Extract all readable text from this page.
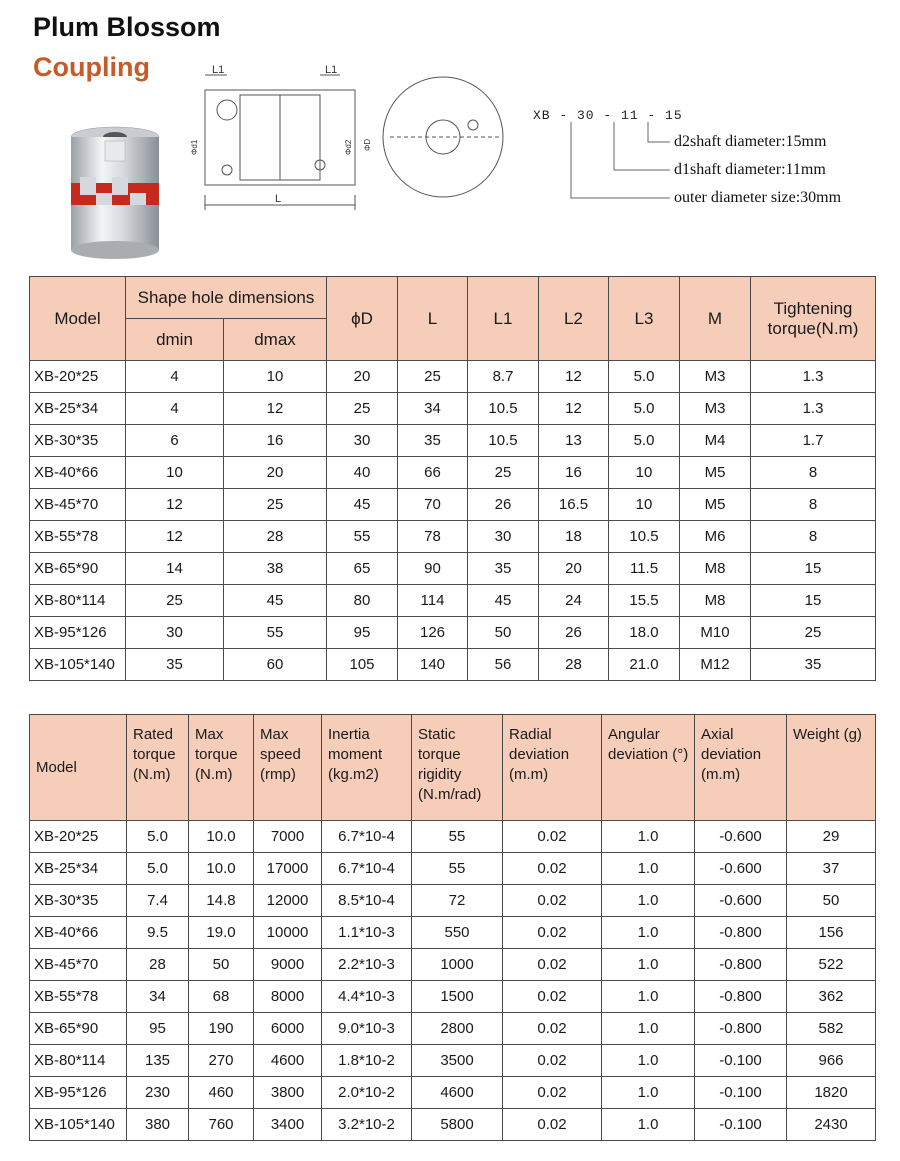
Plum Blossom
Coupling	L1	L1
L
Φd1	Φd2 ΦD
XB - 30 - 11 - 15
d2shaft diameter:15mm
d1shaft diameter:11mm
outer diameter size:30mm
Model	Shape hole dimensions		ϕD	L	L1	L2	L3	M	Tightening torque(N.m)
	dmin	dmax							
XB-20*25	4	10	20	25	8.7	12	5.0	M3	1.3
XB-25*34	4	12	25	34	10.5	12	5.0	M3	1.3
XB-30*35	6	16	30	35	10.5	13	5.0	M4	1.7
XB-40*66	10	20	40	66	25	16	10	M5	8
XB-45*70	12	25	45	70	26	16.5	10	M5	8
XB-55*78	12	28	55	78	30	18	10.5	M6	8
XB-65*90	14	38	65	90	35	20	11.5	M8	15
XB-80*114	25	45	80	114	45	24	15.5	M8	15
XB-95*126	30	55	95	126	50	26	18.0	M10	25
XB-105*140	35	60	105	140	56	28	21.0	M12	35
Model	Rated torque (N.m)	Max torque (N.m)	Max speed (rmp)	Inertia moment (kg.m2)	Static torque rigidity (N.m/rad)	Radial deviation (m.m)	Angular deviation (°)	Axial deviation (m.m)	Weight (g)
XB-20*25	5.0	10.0	7000	6.7*10-4	55	0.02	1.0	-0.600	29
XB-25*34	5.0	10.0	17000	6.7*10-4	55	0.02	1.0	-0.600	37
XB-30*35	7.4	14.8	12000	8.5*10-4	72	0.02	1.0	-0.600	50
XB-40*66	9.5	19.0	10000	1.1*10-3	550	0.02	1.0	-0.800	156
XB-45*70	28	50	9000	2.2*10-3	1000	0.02	1.0	-0.800	522
XB-55*78	34	68	8000	4.4*10-3	1500	0.02	1.0	-0.800	362
XB-65*90	95	190	6000	9.0*10-3	2800	0.02	1.0	-0.800	582
XB-80*114	135	270	4600	1.8*10-2	3500	0.02	1.0	-0.100	966
XB-95*126	230	460	3800	2.0*10-2	4600	0.02	1.0	-0.100	1820
XB-105*140	380	760	3400	3.2*10-2	5800	0.02	1.0	-0.100	2430
